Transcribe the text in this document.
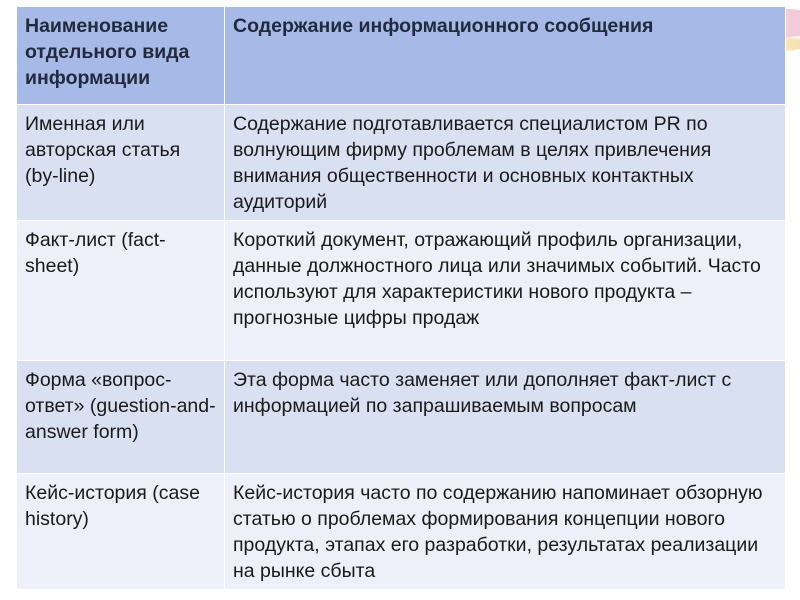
Наименование отдельного вида информации	Содержание информационного сообщения
Именная или авторская статья (by-line)	Содержание подготавливается специалистом PR по волнующим фирму проблемам в целях привлечения внимания общественности и основных контактных аудиторий
Факт-лист (fact-sheet)	Короткий документ, отражающий профиль организации, данные должностного лица или значимых событий. Часто используют для характеристики нового продукта – прогнозные цифры продаж
Форма «вопрос-ответ» (guestion-and-answer form)	Эта форма часто заменяет или дополняет факт-лист с информацией по запрашиваемым вопросам
Кейс-история (case history)	Кейс-история часто по содержанию напоминает обзорную статью о проблемах формирования концепции нового продукта, этапах его разработки, результатах реализации на рынке сбыта
